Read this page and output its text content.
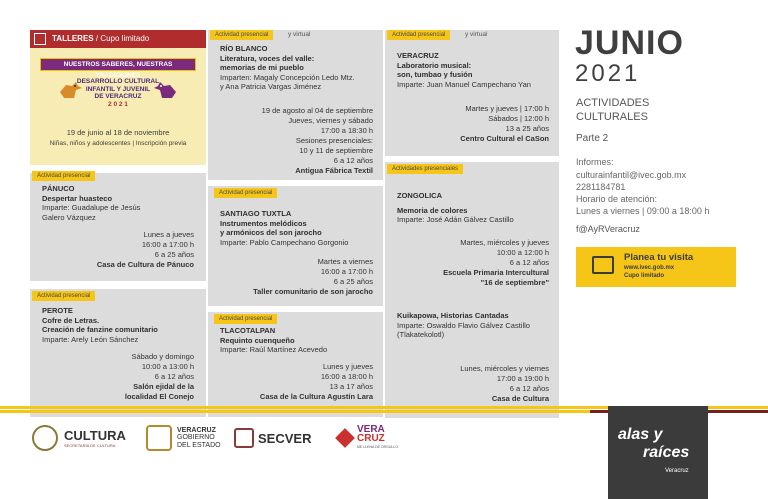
TALLERES / Cupo limitado
NUESTROS SABERES, NUESTRAS TRADICIONES
DESARROLLO CULTURAL
INFANTIL Y JUVENIL
DE VERACRUZ
2 0 2 1
19 de junio al 18 de noviembre
Niñas, niños y adolescentes | Inscripción previa
Actividad presencial
PÁNUCO
Despertar huasteco
Imparte: Guadalupe de Jesús
Galero Vázquez
Lunes a jueves
16:00 a 17:00 h
6 a 25 años
Casa de Cultura de Pánuco
Actividad presencial
PEROTE
Cofre de Letras.
Creación de fanzine comunitario
Imparte: Arely León Sánchez
Sábado y domingo
10:00 a 13:00 h
6 a 12 años
Salón ejidal de la
localidad El Conejo
Actividad presencial	y virtual
RÍO BLANCO
Literatura, voces del valle:
memorias de mi pueblo
Imparten: Magaly Concepción Ledo Mtz.
y Ana Patricia Vargas Jiménez
19 de agosto al 04 de septiembre
Jueves, viernes y sábado
17:00 a 18:30 h
Sesiones presenciales:
10 y 11 de septiembre
6 a 12 años
Antigua Fábrica Textil
Actividad presencial
SANTIAGO TUXTLA
Instrumentos melódicos
y armónicos del son jarocho
Imparte: Pablo Campechano Gorgonio
Martes a viernes
16:00 a 17:00 h
6 a 25 años
Taller comunitario de son jarocho
Actividad presencial
TLACOTALPAN
Requinto cuenqueño
Imparte: Raúl Martínez Acevedo
Lunes y jueves
16:00 a 18:00 h
13 a 17 años
Casa de la Cultura Agustín Lara
Actividad presencial	y virtual
VERACRUZ
Laboratorio musical:
son, tumbao y fusión
Imparte: Juan Manuel Campechano Yan
Martes y jueves | 17:00 h
Sábados | 12:00 h
13 a 25 años
Centro Cultural el CaSon
Actividades presenciales
ZONGOLICA
Memoria de colores
Imparte: José Adán Gálvez Castillo
Martes, miércoles y jueves
10:00 a 12:00 h
6 a 12 años
Escuela Primaria Intercultural
"16 de septiembre"
Kuikapowa, Historias Cantadas
Imparte: Oswaldo Flavio Gálvez Castillo
(Tlakatekolotl)
Lunes, miércoles y viernes
17:00 a 19:00 h
6 a 12 años
Casa de Cultura
JUNIO
2021
ACTIVIDADES
CULTURALES
Parte 2
Informes:
culturainfantil@ivec.gob.mx
2281184781
Horario de atención:
Lunes a viernes | 09:00 a 18:00 h
f@AyRVeracruz
Planea tu visita
www.ivec.gob.mx
Cupo limitado
CULTURA
SECRETARÍA DE CULTURA
VERACRUZ
GOBIERNO
DEL ESTADO	SECVER
VERA
CRUZ
ME LLENA DE ORGULLO
alas y
raíces
Veracruz
